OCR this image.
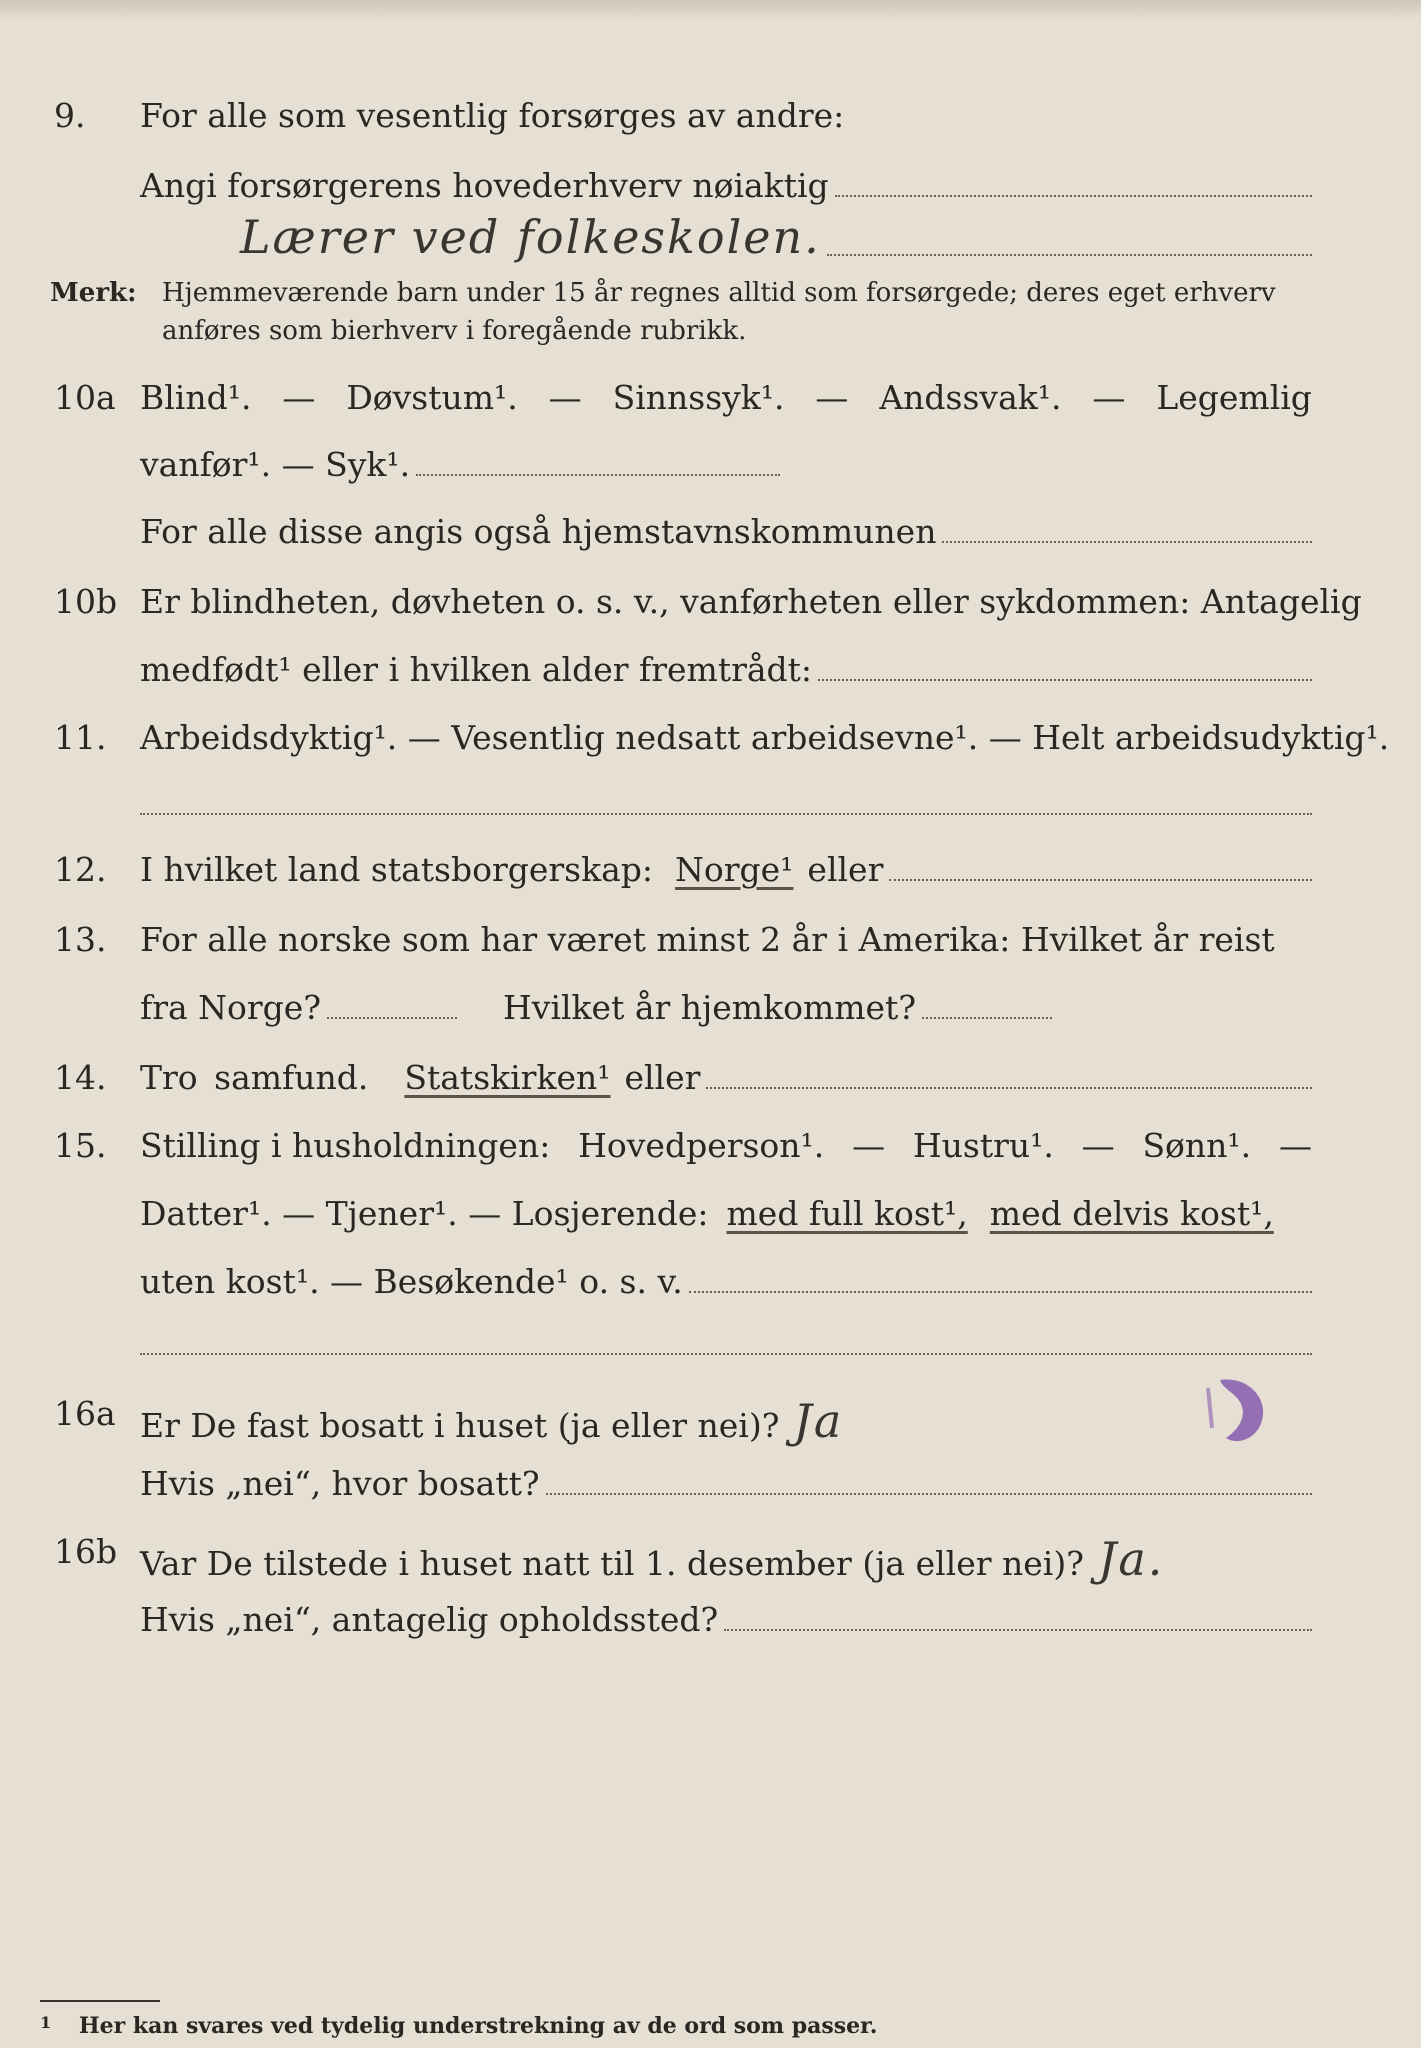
9. For alle som vesentlig forsørges av andre:
Angi forsørgerens hovederhverv nøiaktig
Lærer ved folkeskolen.
Merk: Hjemmeværende barn under 15 år regnes alltid som forsørgede; deres eget erhverv
anføres som bierhverv i foregående rubrikk.
10a Blind¹. — Døvstum¹. — Sinnssyk¹. — Andssvak¹. — Legemlig
vanfør¹. — Syk¹.
For alle disse angis også hjemstavnskommunen
10b Er blindheten, døvheten o. s. v., vanførheten eller sykdommen: Antagelig
medfødt¹ eller i hvilken alder fremtrådt:
11. Arbeidsdyktig¹. — Vesentlig nedsatt arbeidsevne¹. — Helt arbeidsudyktig¹.
12. I hvilket land statsborgerskap: Norge¹ eller
13. For alle norske som har været minst 2 år i Amerika: Hvilket år reist
fra Norge?	Hvilket år hjemkommet?
14. Tro samfund. Statskirken¹ eller
15. Stilling i husholdningen: Hovedperson¹. — Hustru¹. — Sønn¹. —
Datter¹. — Tjener¹. — Losjerende: med full kost¹, med delvis kost¹,
uten kost¹. — Besøkende¹ o. s. v.
16a Er De fast bosatt i huset (ja eller nei)? Ja
Hvis „nei“, hvor bosatt?
16b Var De tilstede i huset natt til 1. desember (ja eller nei)? Ja.
Hvis „nei“, antagelig opholdssted?
$^1$ Her kan svares ved tydelig understrekning av de ord som passer.
